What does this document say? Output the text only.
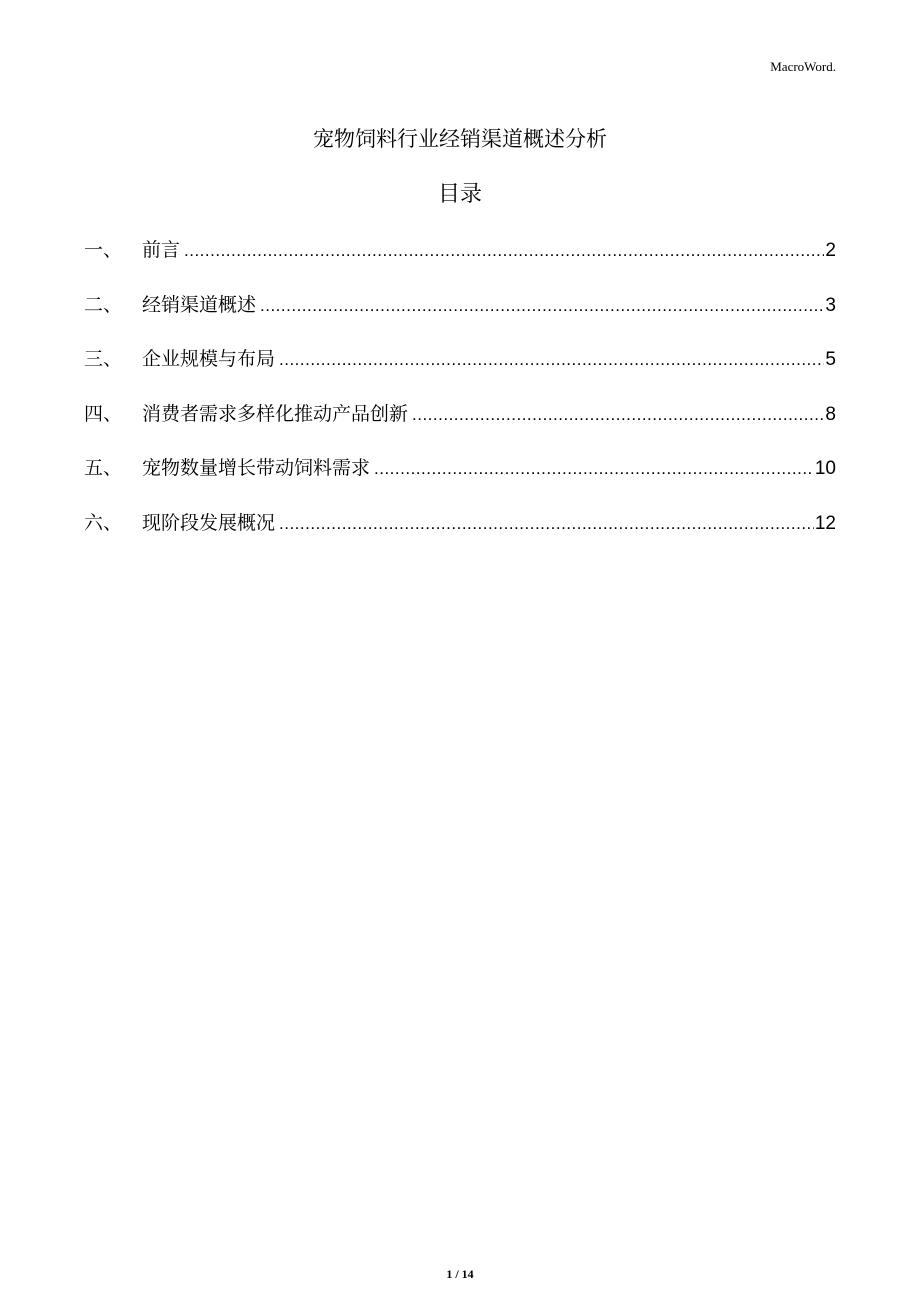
MacroWord.
宠物饲料行业经销渠道概述分析
目录
一、	前言 .....	2
二、	经销渠道概述 .....	3
三、	企业规模与布局 .....	5
四、	消费者需求多样化推动产品创新 .....	8
五、	宠物数量增长带动饲料需求 .....	10
六、	现阶段发展概况 .....	12
1 / 14
